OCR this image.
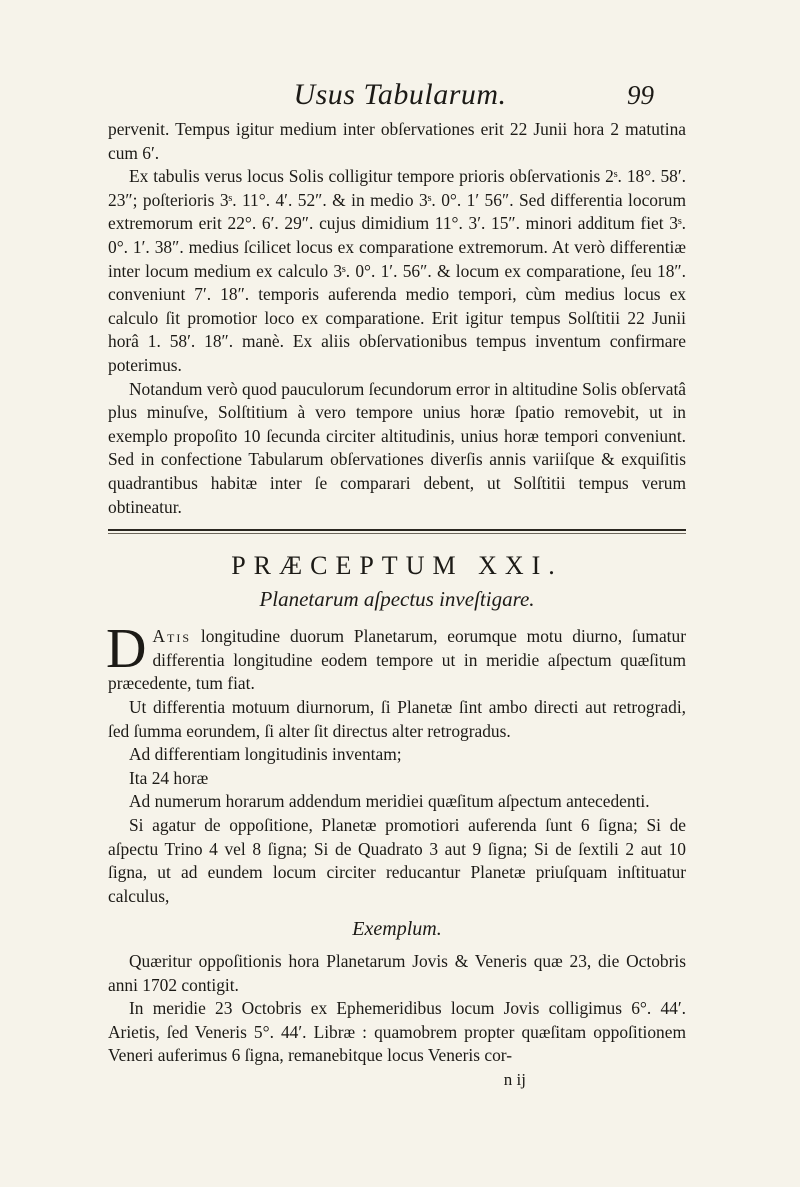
Usus Tabularum.	99

pervenit. Tempus igitur medium inter obſervationes erit 22 Junii hora 2 matutina cum 6′.

Ex tabulis verus locus Solis colligitur tempore prioris obſervationis 2ˢ. 18°. 58′. 23″; poſterioris 3ˢ. 11°. 4′. 52″. & in medio 3ˢ. 0°. 1′ 56″. Sed differentia locorum extremorum erit 22°. 6′. 29″. cujus dimidium 11°. 3′. 15″. minori additum fiet 3ˢ. 0°. 1′. 38″. medius ſcilicet locus ex comparatione extremorum. At verò differentiæ inter locum medium ex calculo 3ˢ. 0°. 1′. 56″. & locum ex comparatione, ſeu 18″. conveniunt 7′. 18″. temporis auferenda medio tempori, cùm medius locus ex calculo ſit promotior loco ex comparatione. Erit igitur tempus Solſtitii 22 Junii horâ 1. 58′. 18″. manè. Ex aliis obſervationibus tempus inventum confirmare poterimus.

Notandum verò quod pauculorum ſecundorum error in altitudine Solis obſervatâ plus minuſve, Solſtitium à vero tempore unius horæ ſpatio removebit, ut in exemplo propoſito 10 ſecunda circiter altitudinis, unius horæ tempori conveniunt. Sed in confectione Tabularum obſervationes diverſis annis variiſque & exquiſitis quadrantibus habitæ inter ſe comparari debent, ut Solſtitii tempus verum obtineatur.

PRÆCEPTUM XXI.
Planetarum aſpectus inveſtigare.

D Atis longitudine duorum Planetarum, eorumque motu diurno, ſumatur differentia longitudine eodem tempore ut in meridie aſpectum quæſitum præcedente, tum fiat.

Ut differentia motuum diurnorum, ſi Planetæ ſint ambo directi aut retrogradi, ſed ſumma eorundem, ſi alter ſit directus alter retrogradus.

Ad differentiam longitudinis inventam;

Ita 24 horæ

Ad numerum horarum addendum meridiei quæſitum aſpectum antecedenti.

Si agatur de oppoſitione, Planetæ promotiori auferenda ſunt 6 ſigna; Si de aſpectu Trino 4 vel 8 ſigna; Si de Quadrato 3 aut 9 ſigna; Si de ſextili 2 aut 10 ſigna, ut ad eundem locum circiter reducantur Planetæ priuſquam inſtituatur calculus,

Exemplum.

Quæritur oppoſitionis hora Planetarum Jovis & Veneris quæ 23, die Octobris anni 1702 contigit.

In meridie 23 Octobris ex Ephemeridibus locum Jovis colligimus 6°. 44′. Arietis, ſed Veneris 5°. 44′. Libræ : quamobrem propter quæſitam oppoſitionem Veneri auferimus 6 ſigna, remanebitque locus Veneris cor-

n ij
